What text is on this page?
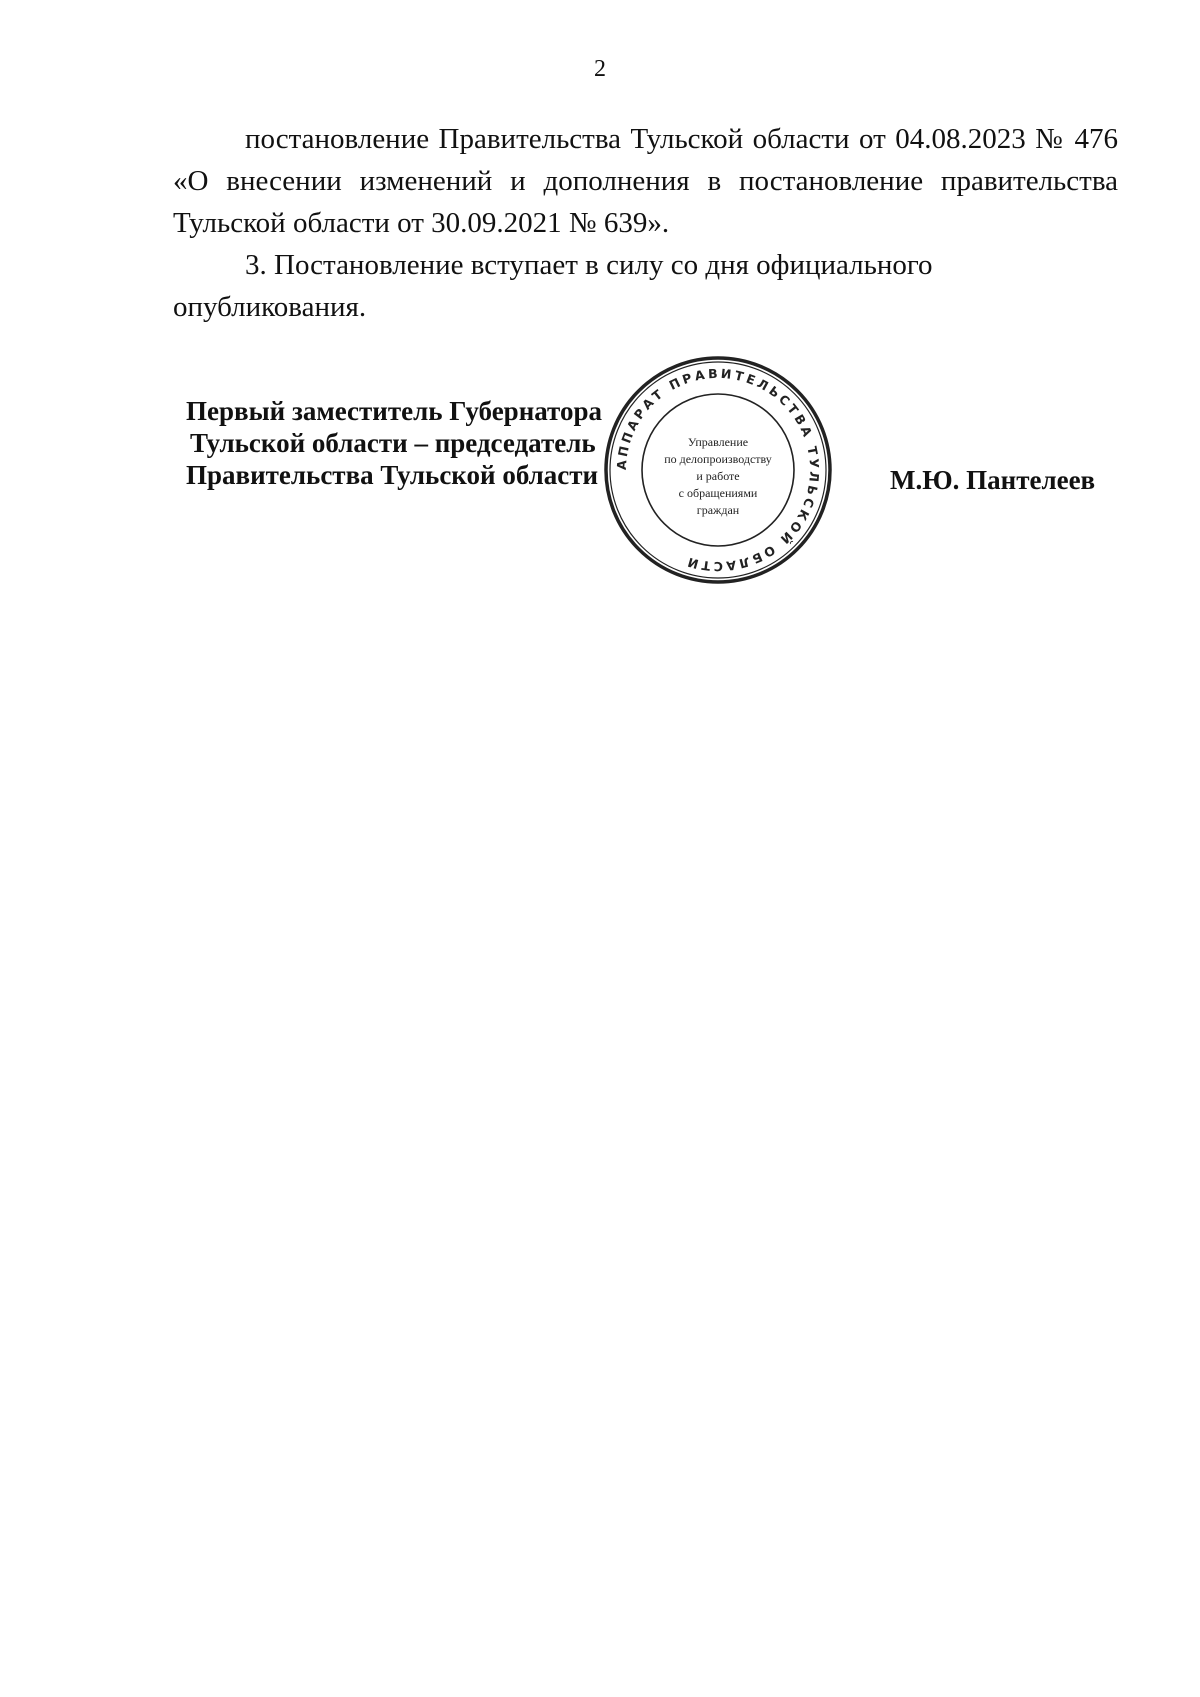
2

постановление Правительства Тульской области от 04.08.2023 № 476 «О внесении изменений и дополнения в постановление правительства Тульской области от 30.09.2021 № 639».

3. Постановление вступает в силу со дня официального опубликования.

Первый заместитель Губернатора
Тульской области – председатель
Правительства Тульской области	М.Ю. Пантелеев
АППАРАТ ПРАВИТЕЛЬСТВА ТУЛЬСКОЙ ОБЛАСТИ
Управление
по делопроизводству
и работе
с обращениями
граждан
